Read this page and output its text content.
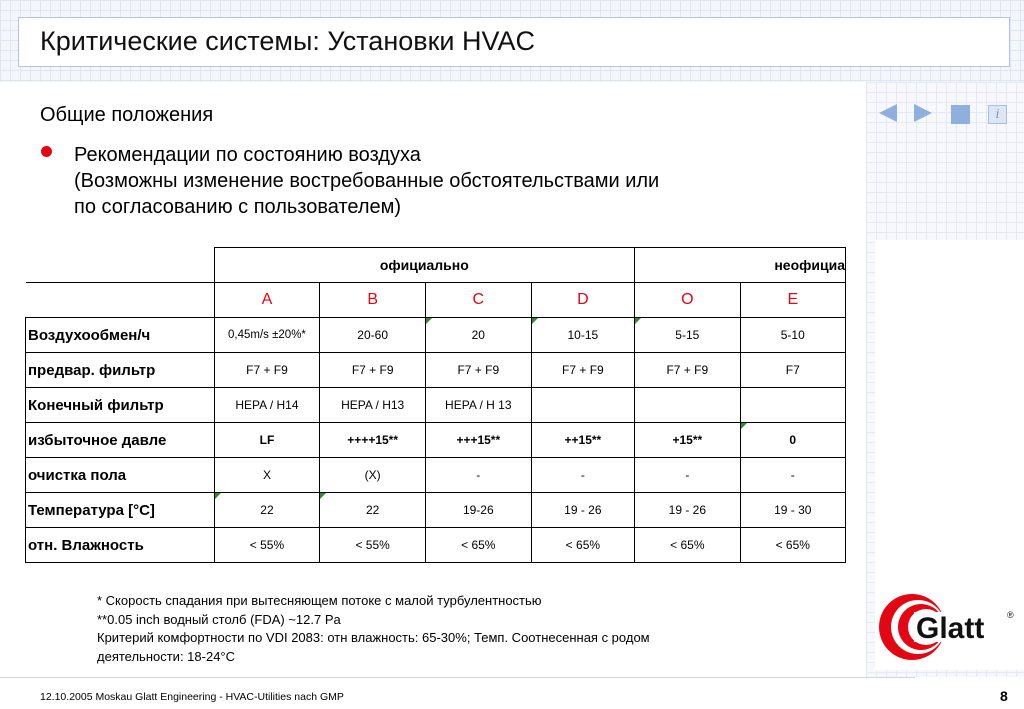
Критические системы: Установки HVAC
i
Общие положения
Рекомендации по состоянию воздуха
(Возможны изменение востребованные обстоятельствами или
по согласованию с пользователем)
	официально				неофициа	
	A	B	C	D	O	E
Воздухообмен/ч	0,45m/s ±20%*	20-60	20	10-15	5-15	5-10
предвар. фильтр	F7 + F9	F7 + F9	F7 + F9	F7 + F9	F7 + F9	F7
Конечный фильтр	HEPA / H14	HEPA / H13	HEPA / H 13			
избыточное давле	LF	++++15**	+++15**	++15**	+15**	0
очистка пола	X	(X)	-	-	-	-
Температура [°C]	22	22	19-26	19 - 26	19 - 26	19 - 30
отн. Влажность	< 55%	< 55%	< 65%	< 65%	< 65%	< 65%
* Скорость спадания при вытесняющем потоке с малой турбулентностью
**0.05 inch водный столб (FDA) ~12.7 Pa
Критерий комфортности по VDI 2083: отн влажность: 65-30%; Темп. Соотнесенная с родом
деятельности: 18-24°C
Glatt	®
12.10.2005 Moskau Glatt Engineering - HVAC-Utilities nach GMP	8
